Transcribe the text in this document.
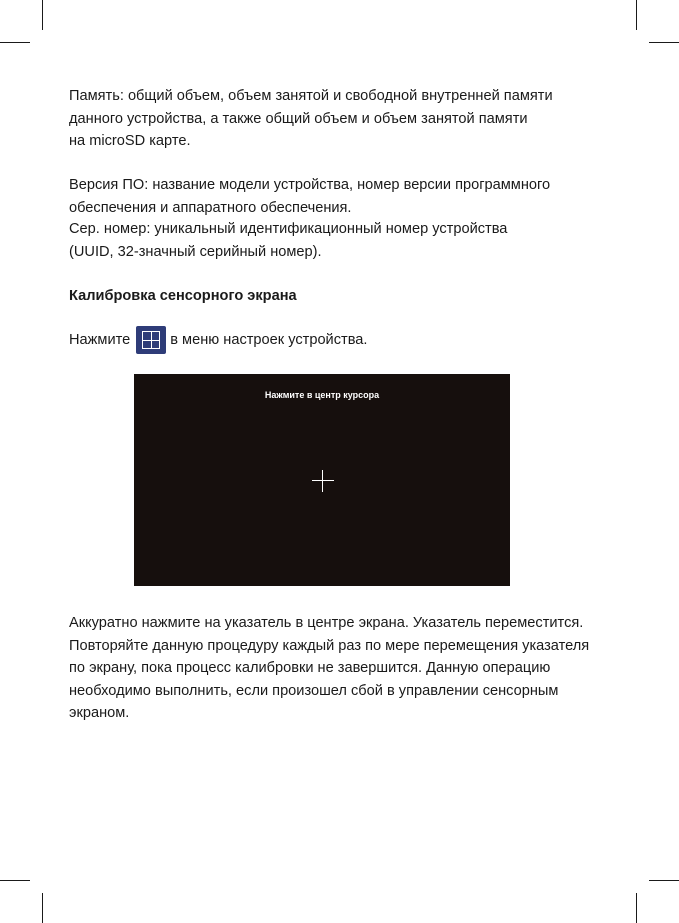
Память: общий объем, объем занятой и свободной внутренней памяти
данного устройства, а также общий объем и объем занятой памяти
на microSD карте.

Версия ПО: название модели устройства, номер версии программного
обеспечения и аппаратного обеспечения.

Сер. номер: уникальный идентификационный номер устройства
(UUID, 32-значный серийный номер).

Калибровка сенсорного экрана
Нажмите	в меню настроек устройства.
Нажмите в центр курсора

Аккуратно нажмите на указатель в центре экрана. Указатель переместится.
Повторяйте данную процедуру каждый раз по мере перемещения указателя
по экрану, пока процесс калибровки не завершится. Данную операцию
необходимо выполнить, если произошел сбой в управлении сенсорным
экраном.
